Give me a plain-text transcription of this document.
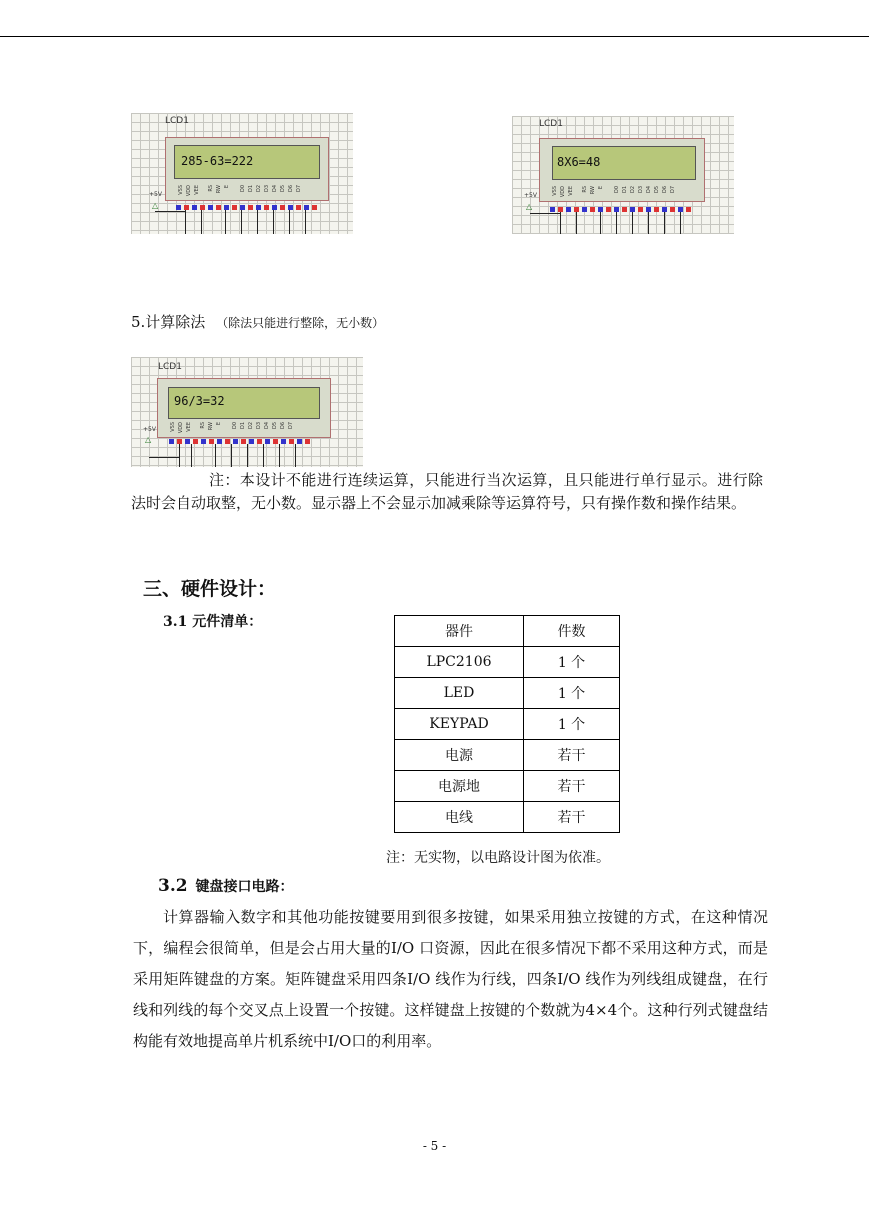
LCD1
285-63=222
VSS VDD VEE RS RW E D0 D1 D2 D3 D4 D5 D6 D7
+5V
△
LCD1
8X6=48
VSS VDD VEE RS RW E D0 D1 D2 D3 D4 D5 D6 D7
+5V
△
5.计算除法 （除法只能进行整除，无小数）
LCD1
96/3=32
VSS VDD VEE RS RW E D0 D1 D2 D3 D4 D5 D6 D7
+5V
△
注：本设计不能进行连续运算，只能进行当次运算，且只能进行单行显示。进行除法时会自动取整，无小数。显示器上不会显示加减乘除等运算符号，只有操作数和操作结果。
三、硬件设计：
3.1 元件清单：
器件	件数
LPC2106	1 个
LED	1 个
KEYPAD	1 个
电源	若干
电源地	若干
电线	若干
注：无实物，以电路设计图为依准。
3.2 键盘接口电路：
计算器输入数字和其他功能按键要用到很多按键，如果采用独立按键的方式，在这种情况下，编程会很简单，但是会占用大量的I/O 口资源，因此在很多情况下都不采用这种方式，而是采用矩阵键盘的方案。矩阵键盘采用四条I/O 线作为行线，四条I/O 线作为列线组成键盘，在行线和列线的每个交叉点上设置一个按键。这样键盘上按键的个数就为4×4个。这种行列式键盘结构能有效地提高单片机系统中I/O口的利用率。
- 5 -
